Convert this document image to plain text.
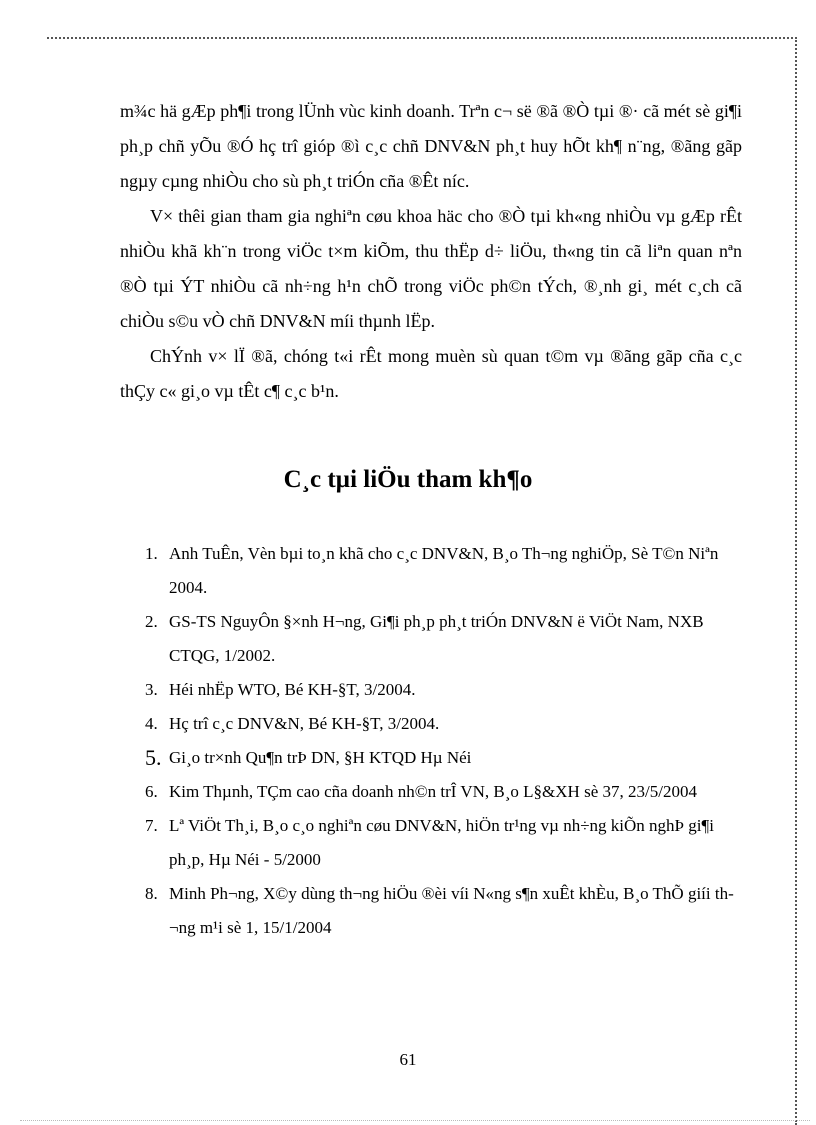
m¾c hä gÆp ph¶i trong lÜnh vùc kinh doanh. Trªn c¬ së ®ã ®Ò tµi ®· cã mét sè gi¶i ph¸p chñ yÕu ®Ó hç trî gióp ®ì c¸c chñ DNV&N ph¸t huy hÕt kh¶ n¨ng, ®ãng gãp ngµy cµng nhiÒu cho sù ph¸t triÓn cña ®Êt níc.

V× thêi gian tham gia nghiªn cøu khoa häc cho ®Ò tµi kh«ng nhiÒu vµ gÆp rÊt nhiÒu khã kh¨n trong viÖc t×m kiÕm, thu thËp d÷ liÖu, th«ng tin cã liªn quan nªn ®Ò tµi ÝT nhiÒu cã nh÷ng h¹n chÕ trong viÖc ph©n tÝch, ®¸nh gi¸ mét c¸ch cã chiÒu s©u vÒ chñ DNV&N míi thµnh lËp.

ChÝnh v× lÏ ®ã, chóng t«i rÊt mong muèn sù quan t©m vµ ®ãng gãp cña c¸c thÇy c« gi¸o vµ tÊt c¶ c¸c b¹n.

C¸c tµi liÖu tham kh¶o
1. Anh TuÊn, Vèn bµi to¸n khã cho c¸c DNV&N, B¸o Th¬ng nghiÖp, Sè T©n Niªn 2004.
2. GS-TS NguyÔn §×nh H¬ng, Gi¶i ph¸p ph¸t triÓn DNV&N ë ViÖt Nam, NXB CTQG, 1/2002.
3. Héi nhËp WTO, Bé KH-§T, 3/2004.
4. Hç trî c¸c DNV&N, Bé KH-§T, 3/2004.
5. Gi¸o tr×nh Qu¶n trÞ DN, §H KTQD Hµ Néi
6. Kim Thµnh, TÇm cao cña doanh nh©n trÎ VN, B¸o L§&XH sè 37, 23/5/2004
7. Lª ViÖt Th¸i, B¸o c¸o nghiªn cøu DNV&N, hiÖn tr¹ng vµ nh÷ng kiÕn nghÞ gi¶i ph¸p, Hµ Néi - 5/2000
8. Minh Ph¬ng, X©y dùng th¬ng hiÖu ®èi víi N«ng s¶n xuÊt khÈu, B¸o ThÕ giíi th¬ng m¹i sè 1, 15/1/2004
61
